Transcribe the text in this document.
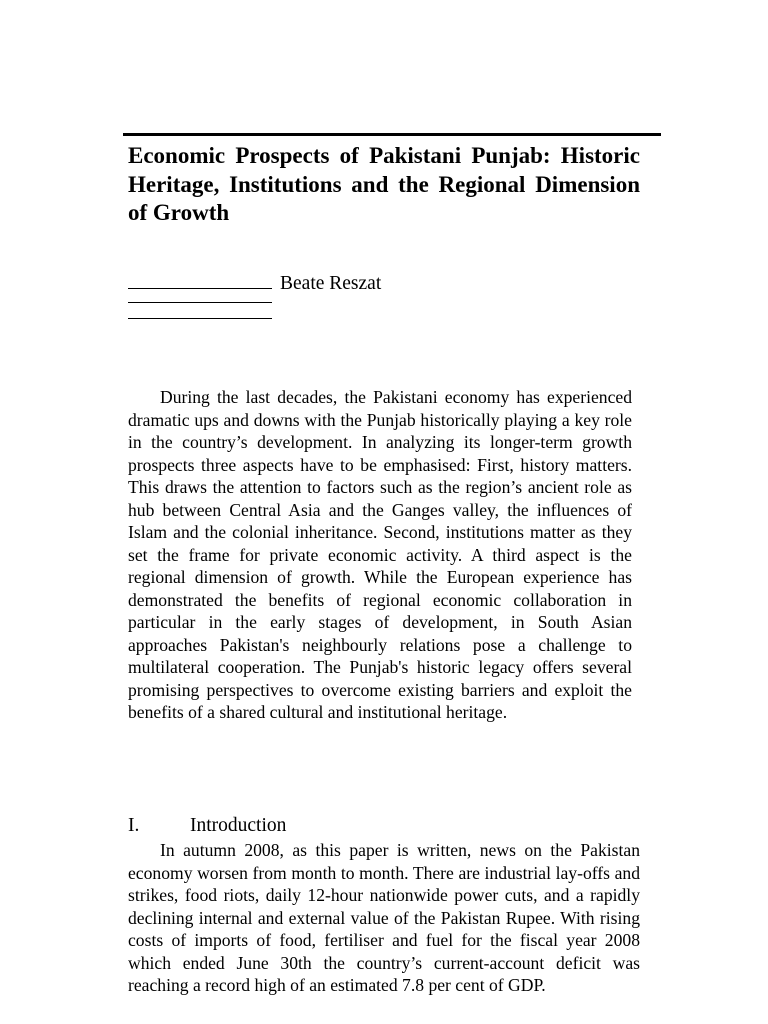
Economic Prospects of Pakistani Punjab: Historic Heritage, Institutions and the Regional Dimension of Growth

Beate Reszat

During the last decades, the Pakistani economy has experienced dramatic ups and downs with the Punjab historically playing a key role in the country’s development. In analyzing its longer-term growth prospects three aspects have to be emphasised: First, history matters. This draws the attention to factors such as the region’s ancient role as hub between Central Asia and the Ganges valley, the influences of Islam and the colonial inheritance. Second, institutions matter as they set the frame for private economic activity. A third aspect is the regional dimension of growth. While the European experience has demonstrated the benefits of regional economic collaboration in particular in the early stages of development, in South Asian approaches Pakistan's neighbourly relations pose a challenge to multilateral cooperation. The Punjab's historic legacy offers several promising perspectives to overcome existing barriers and exploit the benefits of a shared cultural and institutional heritage.

I.	Introduction

In autumn 2008, as this paper is written, news on the Pakistan economy worsen from month to month. There are industrial lay-offs and strikes, food riots, daily 12-hour nationwide power cuts, and a rapidly declining internal and external value of the Pakistan Rupee. With rising costs of imports of food, fertiliser and fuel for the fiscal year 2008 which ended June 30th the country’s current-account deficit was reaching a record high of an estimated 7.8 per cent of GDP.
